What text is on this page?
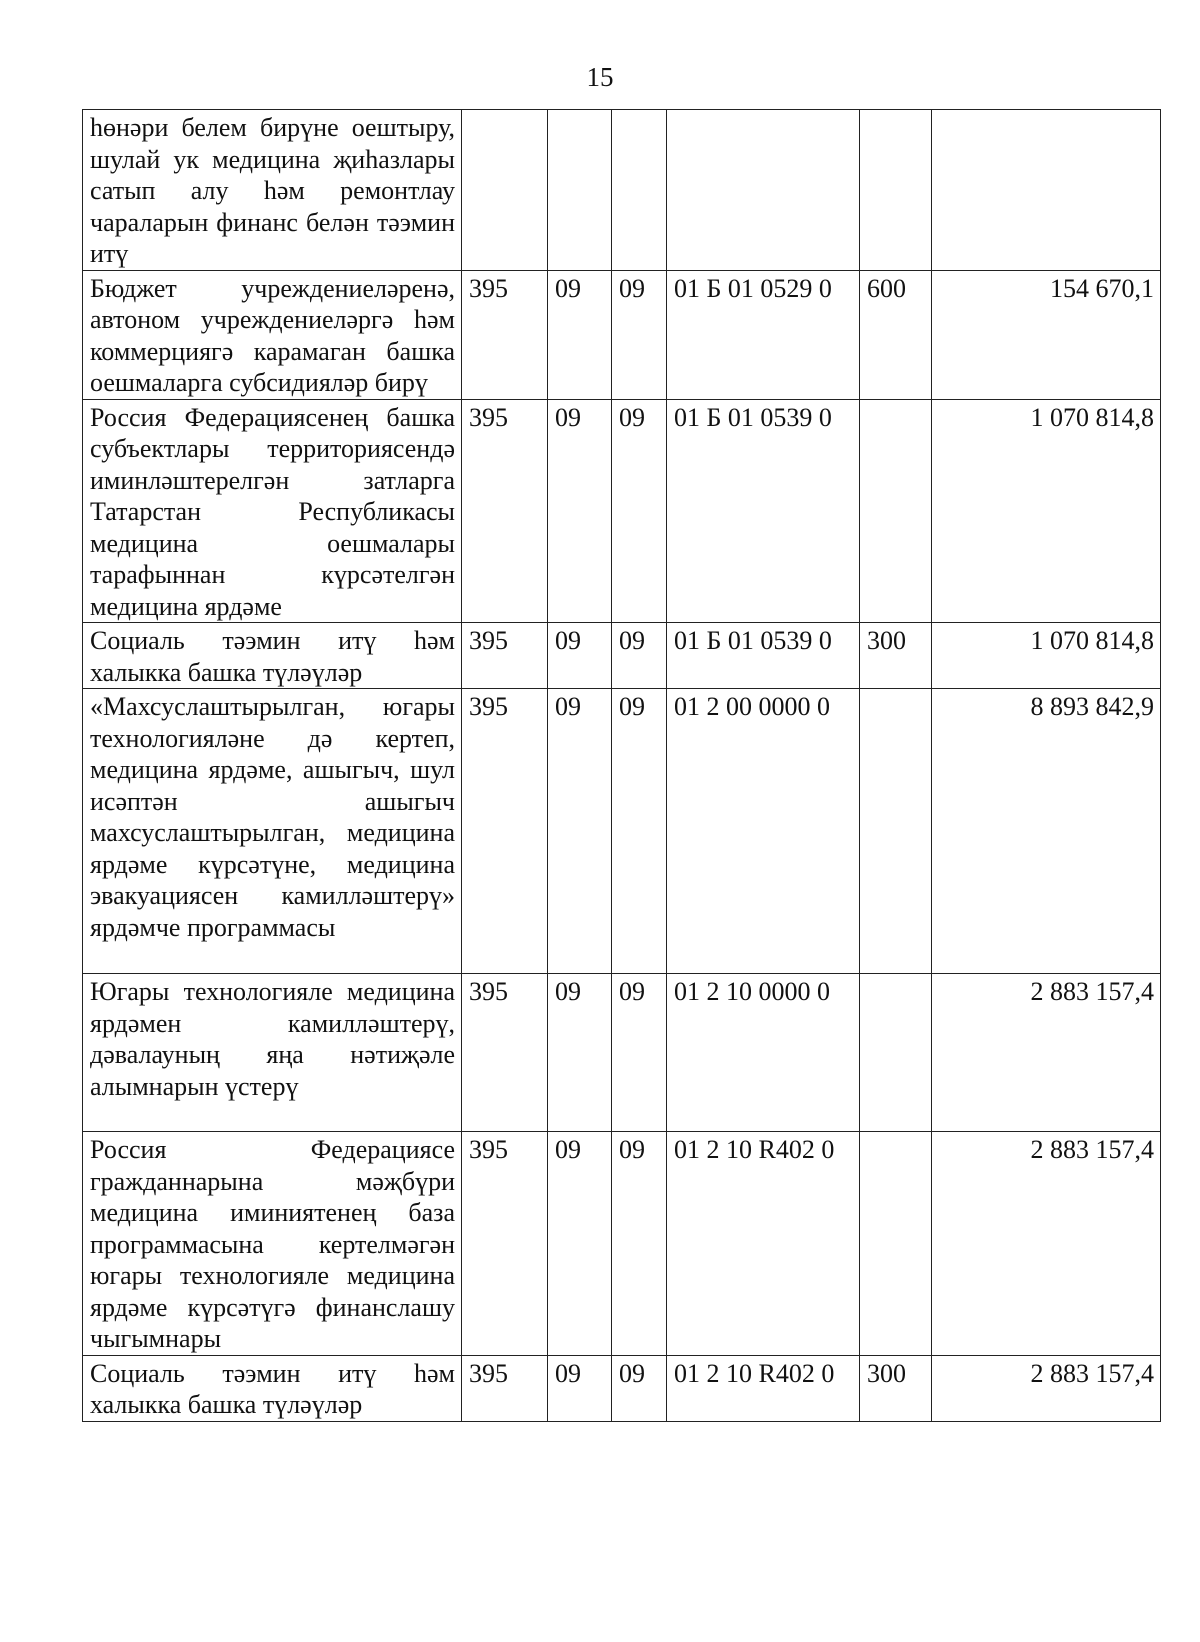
15
һөнәри белем бирүне оештыру, шулай ук медицина җиһазлары сатып алу һәм ремонтлау чараларын финанс белән тәэмин итү						
Бюджет учреждениеләренә, автоном учреждениеләргә һәм коммерциягә карамаган башка оешмаларга субсидияләр бирү	395	09	09	01 Б 01 0529 0	600	154 670,1
Россия Федерациясенең башка субъектлары территориясендә иминләштерелгән затларга Татарстан Республикасы медицина оешмалары тарафыннан күрсәтелгән медицина ярдәме	395	09	09	01 Б 01 0539 0		1 070 814,8
Социаль тәэмин итү һәм халыкка башка түләүләр	395	09	09	01 Б 01 0539 0	300	1 070 814,8
«Махсуслаштырылган, югары технологияләне дә кертеп, медицина ярдәме, ашыгыч, шул исәптән ашыгыч махсуслаштырылган, медицина ярдәме күрсәтүне, медицина эвакуациясен камилләштерү» ярдәмче программасы	395	09	09	01 2 00 0000 0		8 893 842,9
Югары технологияле медицина ярдәмен камилләштерү, дәвалауның яңа нәтиҗәле алымнарын үстерү	395	09	09	01 2 10 0000 0		2 883 157,4
Россия Федерациясе гражданнарына мәҗбүри медицина иминиятенең база программасына кертелмәгән югары технологияле медицина ярдәме күрсәтүгә финанслашу чыгымнары	395	09	09	01 2 10 R402 0		2 883 157,4
Социаль тәэмин итү һәм халыкка башка түләүләр	395	09	09	01 2 10 R402 0	300	2 883 157,4
